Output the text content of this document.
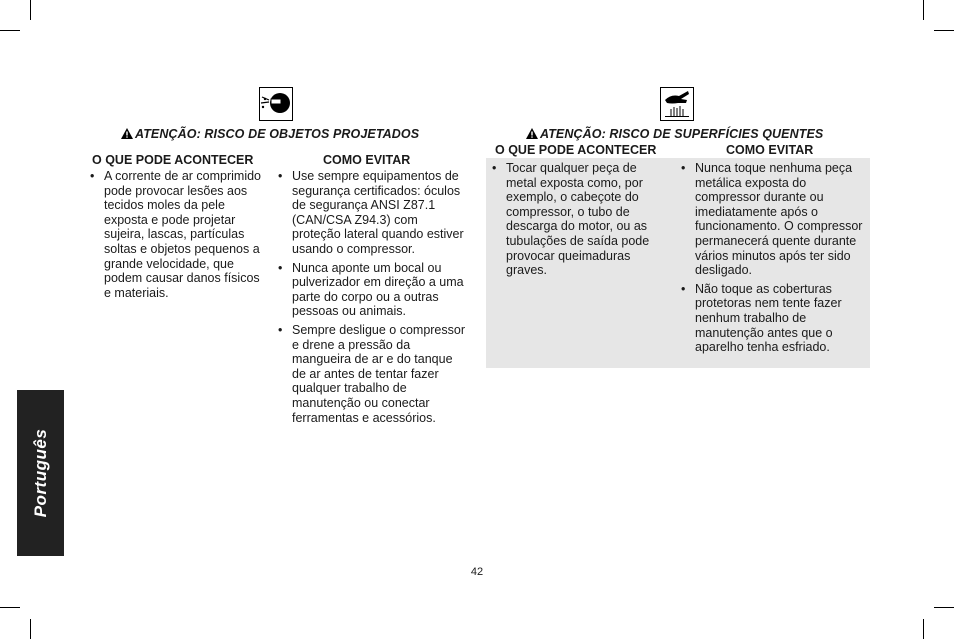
Português
ATENÇÃO: RISCO DE OBJETOS PROJETADOS
O QUE PODE ACONTECER	COMO EVITAR
• A corrente de ar comprimido pode provocar lesões aos tecidos moles da pele exposta e pode projetar sujeira, lascas, partículas soltas e objetos pequenos a grande velocidade, que podem causar danos físicos e materiais.
• Use sempre equipamentos de segurança certificados: óculos de segurança ANSI Z87.1 (CAN/CSA Z94.3) com proteção lateral quando estiver usando o compressor.
• Nunca aponte um bocal ou pulverizador em direção a uma parte do corpo ou a outras pessoas ou animais.
• Sempre desligue o compressor e drene a pressão da mangueira de ar e do tanque de ar antes de tentar fazer qualquer trabalho de manutenção ou conectar ferramentas e acessórios.
ATENÇÃO: RISCO DE SUPERFÍCIES QUENTES
O QUE PODE ACONTECER	COMO EVITAR
• Tocar qualquer peça de metal exposta como, por exemplo, o cabeçote do compressor, o tubo de descarga do motor, ou as tubulações de saída pode provocar queimaduras graves.
• Nunca toque nenhuma peça metálica exposta do compressor durante ou imediatamente após o funcionamento. O compressor permanecerá quente durante vários minutos após ter sido desligado.
• Não toque as coberturas protetoras nem tente fazer nenhum trabalho de manutenção antes que o aparelho tenha esfriado.
42
